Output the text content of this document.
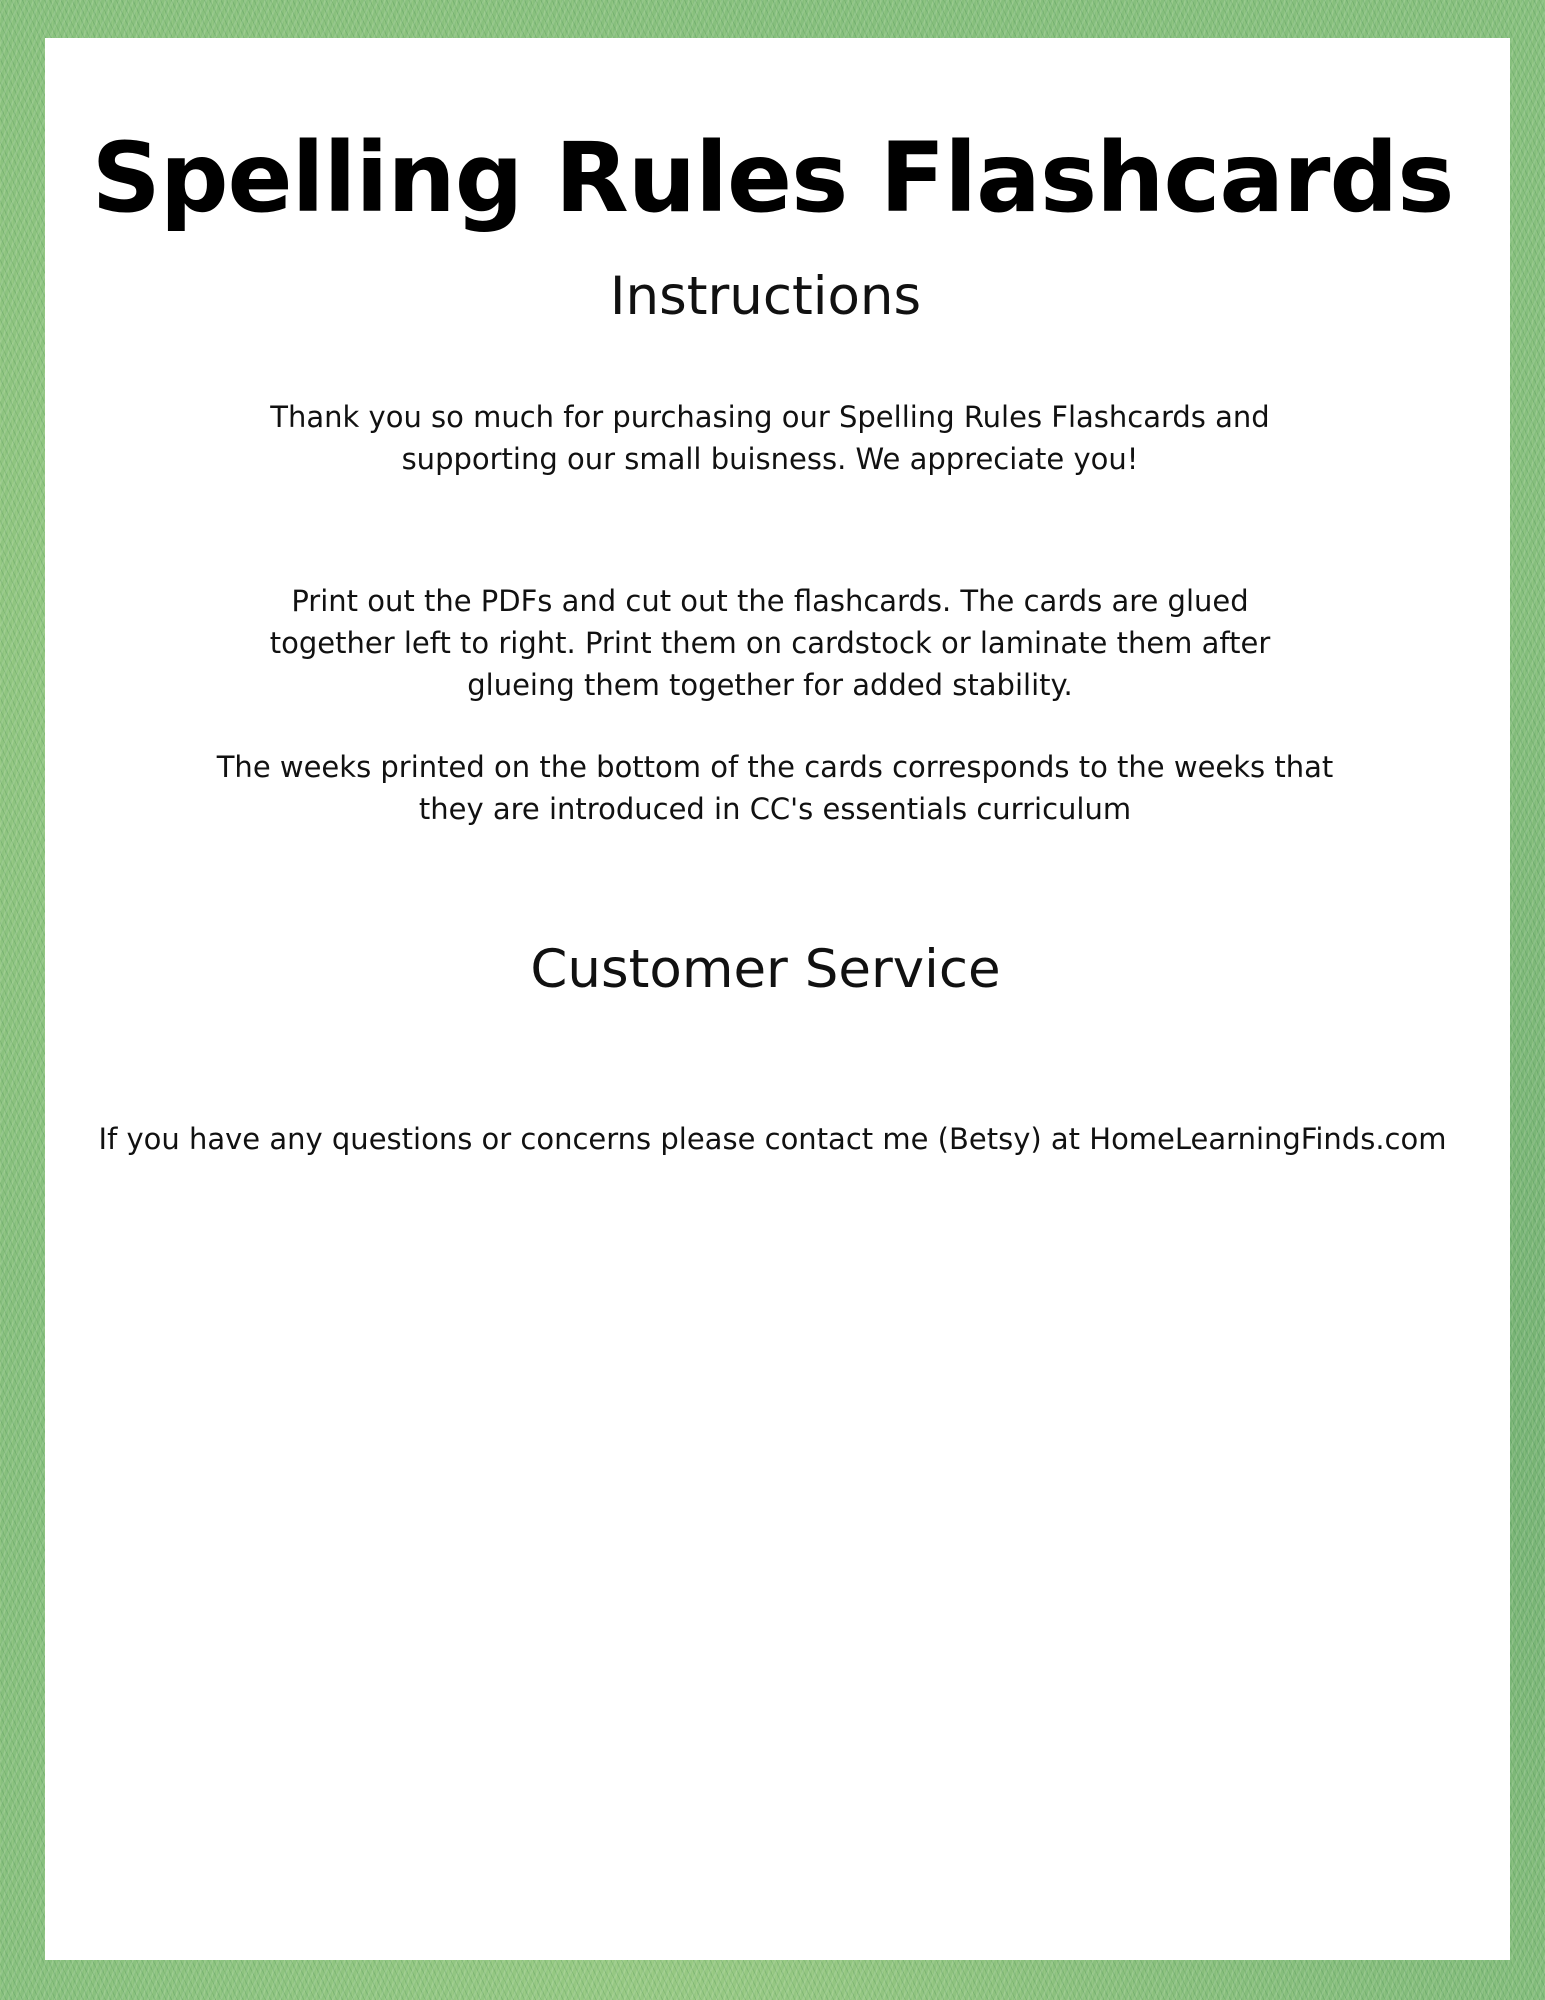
Spelling Rules Flashcards
Instructions

Thank you so much for purchasing our Spelling Rules Flashcards and supporting our small buisness. We appreciate you!

Print out the PDFs and cut out the flashcards. The cards are glued together left to right. Print them on cardstock or laminate them after glueing them together for added stability.

The weeks printed on the bottom of the cards corresponds to the weeks that they are introduced in CC's essentials curriculum

Customer Service

If you have any questions or concerns please contact me (Betsy) at HomeLearningFinds.com
